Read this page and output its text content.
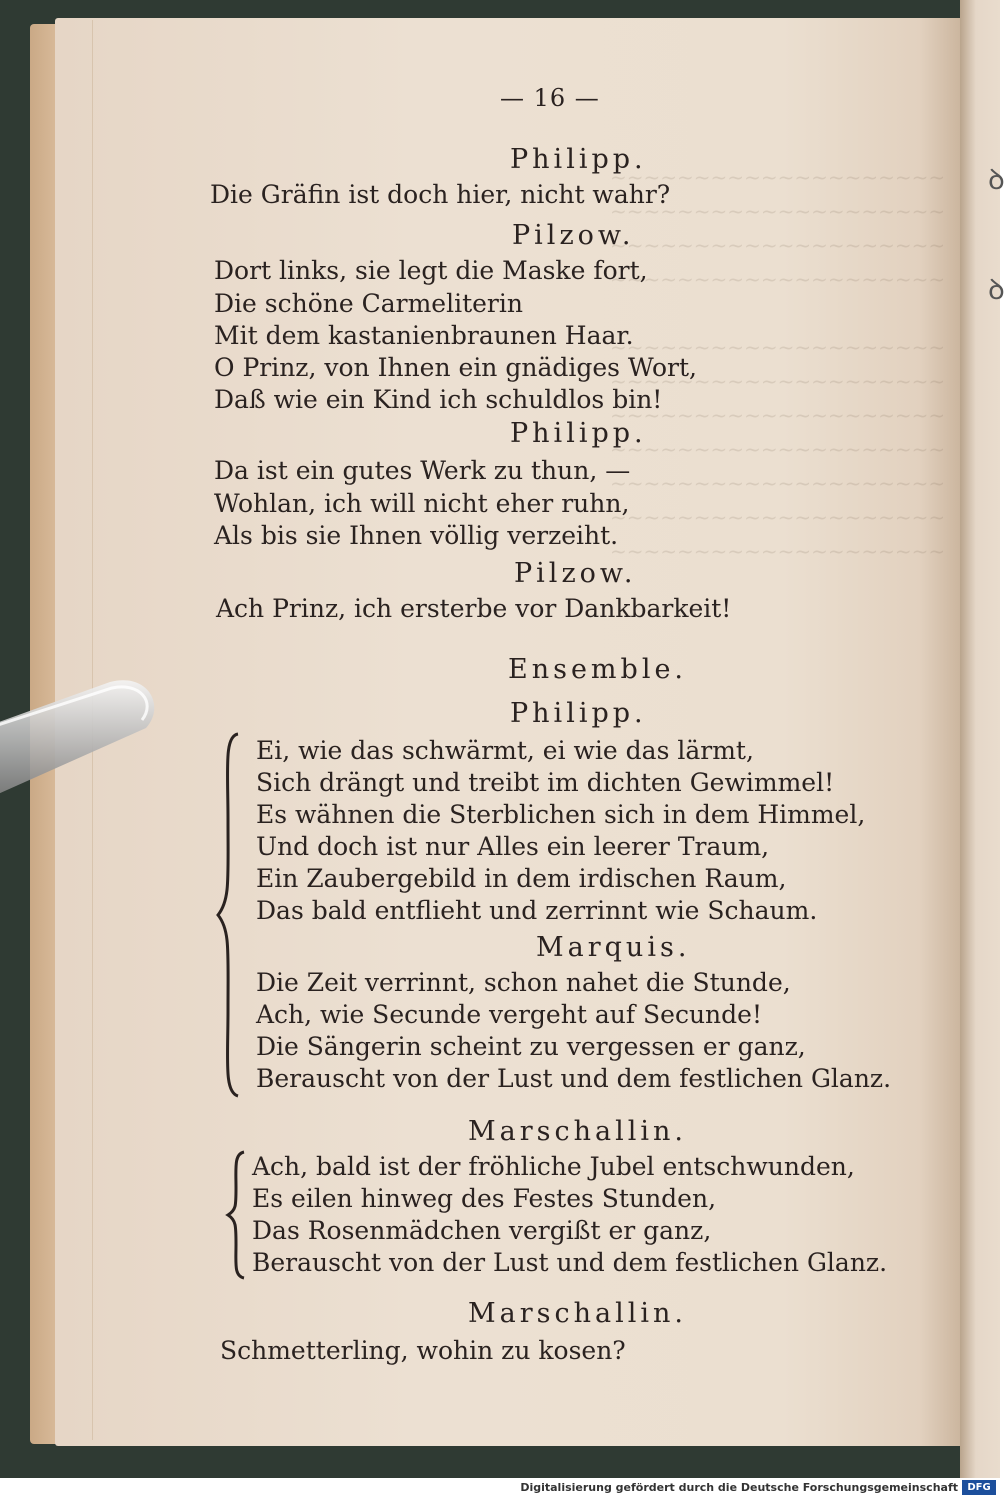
ꝺ
ꝺ
~~~~~~~~~~~~~~~~~~~~
~~~~~~~~~~~~~~~~~~~~
~~~~~~~~~~~~~~~~~~~~
~~~~~~~~~~~~~~~~~~~~

~~~~~~~~~~~~~~~~~~~~
~~~~~~~~~~~~~~~~~~~~
~~~~~~~~~~~~~~~~~~~~
~~~~~~~~~~~~~~~~~~~~
~~~~~~~~~~~~~~~~~~~~
~~~~~~~~~~~~~~~~~~~~
~~~~~~~~~~~~~~~~~~~~
— 16 —
Philipp.
Die Gräfin ist doch hier, nicht wahr?
Pilzow.
Dort links, sie legt die Maske fort,
Die schöne Carmeliterin
Mit dem kastanienbraunen Haar.
O Prinz, von Ihnen ein gnädiges Wort,
Daß wie ein Kind ich schuldlos bin!
Philipp.
Da ist ein gutes Werk zu thun, —
Wohlan, ich will nicht eher ruhn,
Als bis sie Ihnen völlig verzeiht.
Pilzow.
Ach Prinz, ich ersterbe vor Dankbarkeit!
Ensemble.
Philipp.
Ei, wie das schwärmt, ei wie das lärmt,
Sich drängt und treibt im dichten Gewimmel!
Es wähnen die Sterblichen sich in dem Himmel,
Und doch ist nur Alles ein leerer Traum,
Ein Zaubergebild in dem irdischen Raum,
Das bald entflieht und zerrinnt wie Schaum.
Marquis.
Die Zeit verrinnt, schon nahet die Stunde,
Ach, wie Secunde vergeht auf Secunde!
Die Sängerin scheint zu vergessen er ganz,
Berauscht von der Lust und dem festlichen Glanz.
Marschallin.
Ach, bald ist der fröhliche Jubel entschwunden,
Es eilen hinweg des Festes Stunden,
Das Rosenmädchen vergißt er ganz,
Berauscht von der Lust und dem festlichen Glanz.
Marschallin.
Schmetterling, wohin zu kosen?
Digitalisierung gefördert durch die Deutsche Forschungsgemeinschaft DFG
